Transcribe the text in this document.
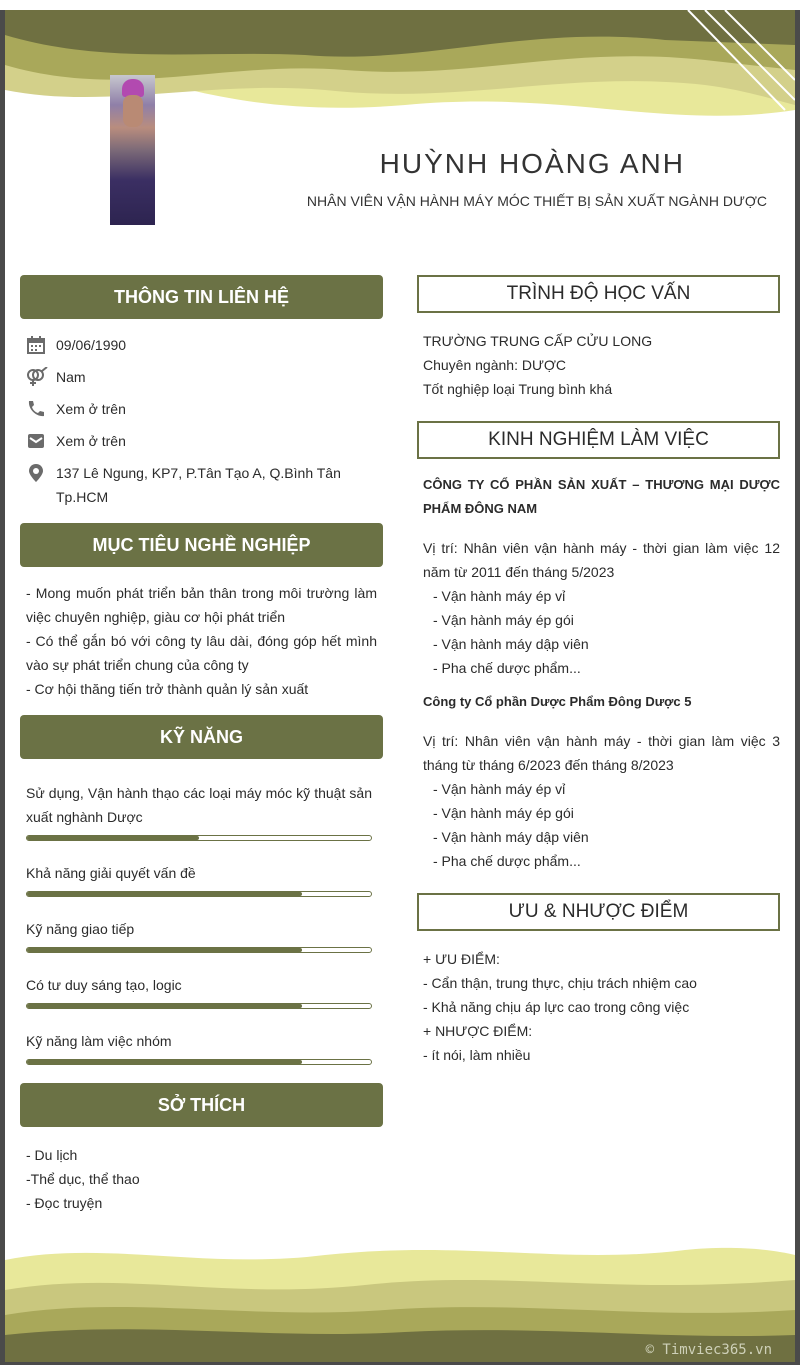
HUỲNH HOÀNG ANH
NHÂN VIÊN VẬN HÀNH MÁY MÓC THIẾT BỊ SẢN XUẤT NGÀNH DƯỢC
THÔNG TIN LIÊN HỆ
09/06/1990
Nam
Xem ở trên
Xem ở trên
137 Lê Ngung, KP7, P.Tân Tạo A, Q.Bình Tân Tp.HCM
MỤC TIÊU NGHỀ NGHIỆP

- Mong muốn phát triển bản thân trong môi trường làm việc chuyên nghiệp, giàu cơ hội phát triển

- Có thể gắn bó với công ty lâu dài, đóng góp hết mình vào sự phát triển chung của công ty

- Cơ hội thăng tiến trở thành quản lý sản xuất

KỸ NĂNG
Sử dụng, Vận hành thạo các loại máy móc kỹ thuật sản xuất nghành Dược
Khả năng giải quyết vấn đề
Kỹ năng giao tiếp
Có tư duy sáng tạo, logic
Kỹ năng làm việc nhóm
SỞ THÍCH

- Du lịch

-Thể dục, thể thao

- Đọc truyện

TRÌNH ĐỘ HỌC VẤN

TRƯỜNG TRUNG CẤP CỬU LONG

Chuyên ngành: DƯỢC

Tốt nghiệp loại Trung bình khá

KINH NGHIỆM LÀM VIỆC

CÔNG TY CỔ PHẦN SẢN XUẤT – THƯƠNG MẠI DƯỢC PHẨM ĐÔNG NAM

Vị trí: Nhân viên vận hành máy - thời gian làm việc 12 năm từ 2011 đến tháng 5/2023

- Vận hành máy ép vỉ

- Vận hành máy ép gói

- Vận hành máy dập viên

- Pha chế dược phẩm...

Công ty Cổ phần Dược Phẩm Đông Dược 5

Vị trí: Nhân viên vận hành máy - thời gian làm việc 3 tháng từ tháng 6/2023 đến tháng 8/2023

- Vận hành máy ép vỉ

- Vận hành máy ép gói

- Vận hành máy dập viên

- Pha chế dược phẩm...

ƯU & NHƯỢC ĐIỂM

+ ƯU ĐIỂM:

- Cẩn thận, trung thực, chịu trách nhiệm cao

- Khả năng chịu áp lực cao trong công việc

+ NHƯỢC ĐIỂM:

- ít nói, làm nhiều

© Timviec365.vn
